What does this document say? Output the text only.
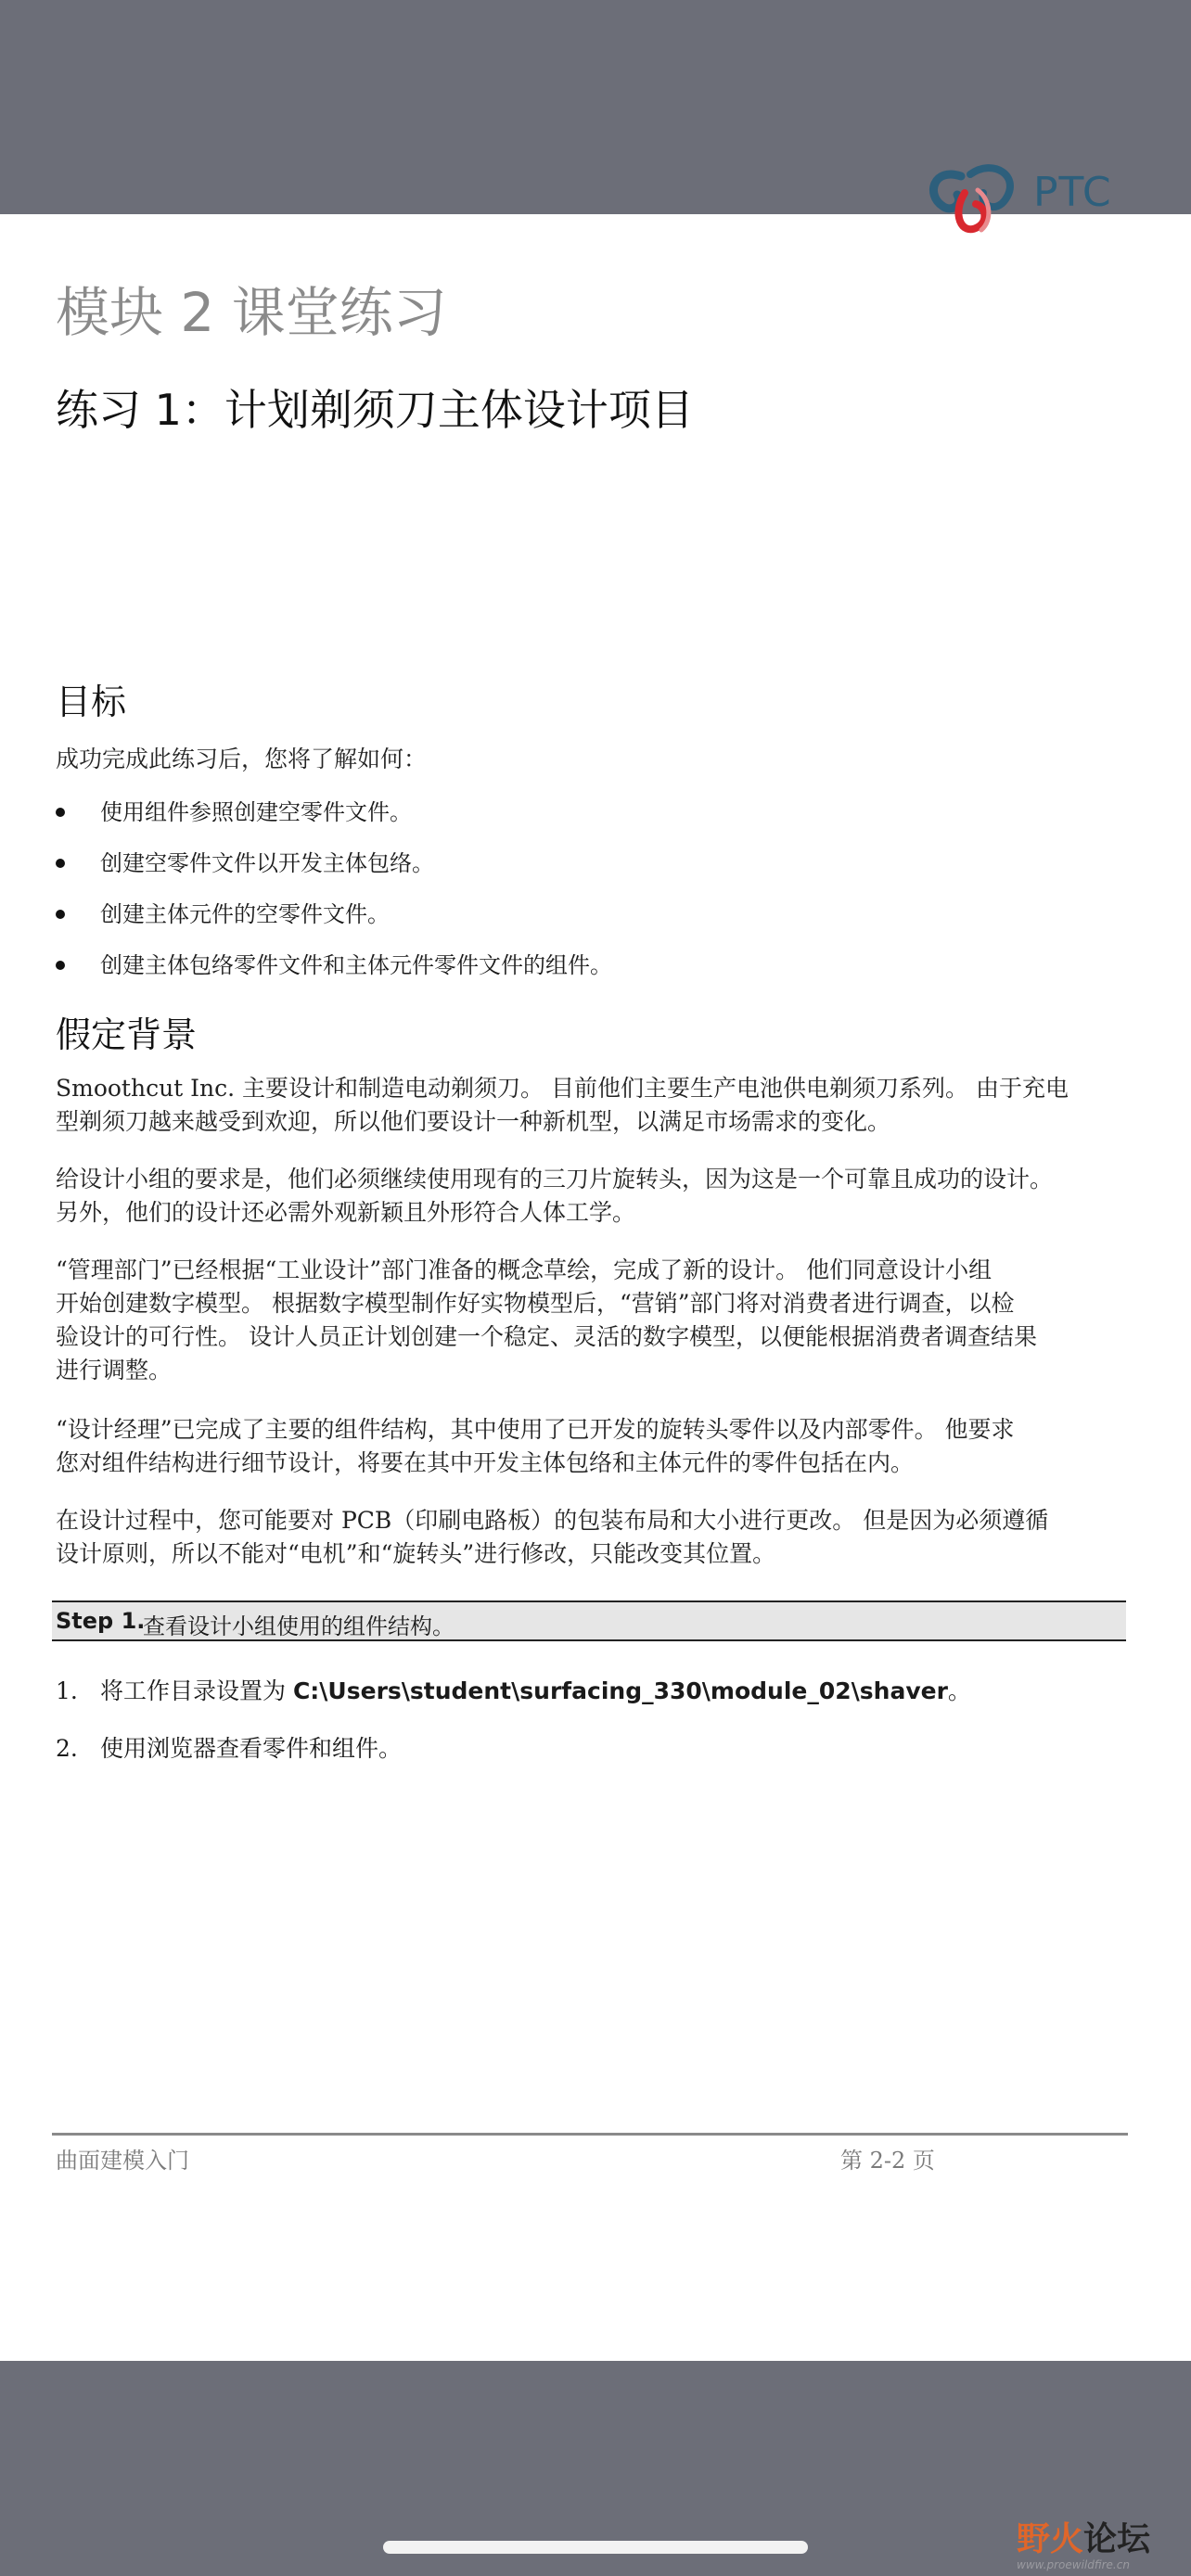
PTC
模块 2 课堂练习
练习 1：计划剃须刀主体设计项目
目标

成功完成此练习后，您将了解如何：

使用组件参照创建空零件文件。
创建空零件文件以开发主体包络。
创建主体元件的空零件文件。
创建主体包络零件文件和主体元件零件文件的组件。
假定背景
Smoothcut Inc. 主要设计和制造电动剃须刀。 目前他们主要生产电池供电剃须刀系列。 由于充电
型剃须刀越来越受到欢迎，所以他们要设计一种新机型，以满足市场需求的变化。
给设计小组的要求是，他们必须继续使用现有的三刀片旋转头，因为这是一个可靠且成功的设计。
另外，他们的设计还必需外观新颖且外形符合人体工学。
“管理部门”已经根据“工业设计”部门准备的概念草绘，完成了新的设计。 他们同意设计小组
开始创建数字模型。 根据数字模型制作好实物模型后，“营销”部门将对消费者进行调查，以检
验设计的可行性。 设计人员正计划创建一个稳定、灵活的数字模型，以便能根据消费者调查结果
进行调整。
“设计经理”已完成了主要的组件结构，其中使用了已开发的旋转头零件以及内部零件。 他要求
您对组件结构进行细节设计，将要在其中开发主体包络和主体元件的零件包括在内。
在设计过程中，您可能要对 PCB（印刷电路板）的包装布局和大小进行更改。 但是因为必须遵循
设计原则，所以不能对“电机”和“旋转头”进行修改，只能改变其位置。
Step 1.
查看设计小组使用的组件结构。
1. 将工作目录设置为 C:\Users\student\surfacing_330\module_02\shaver。
2. 使用浏览器查看零件和组件。
曲面建模入门	第 2-2 页
野火论坛
www.proewildfire.cn
